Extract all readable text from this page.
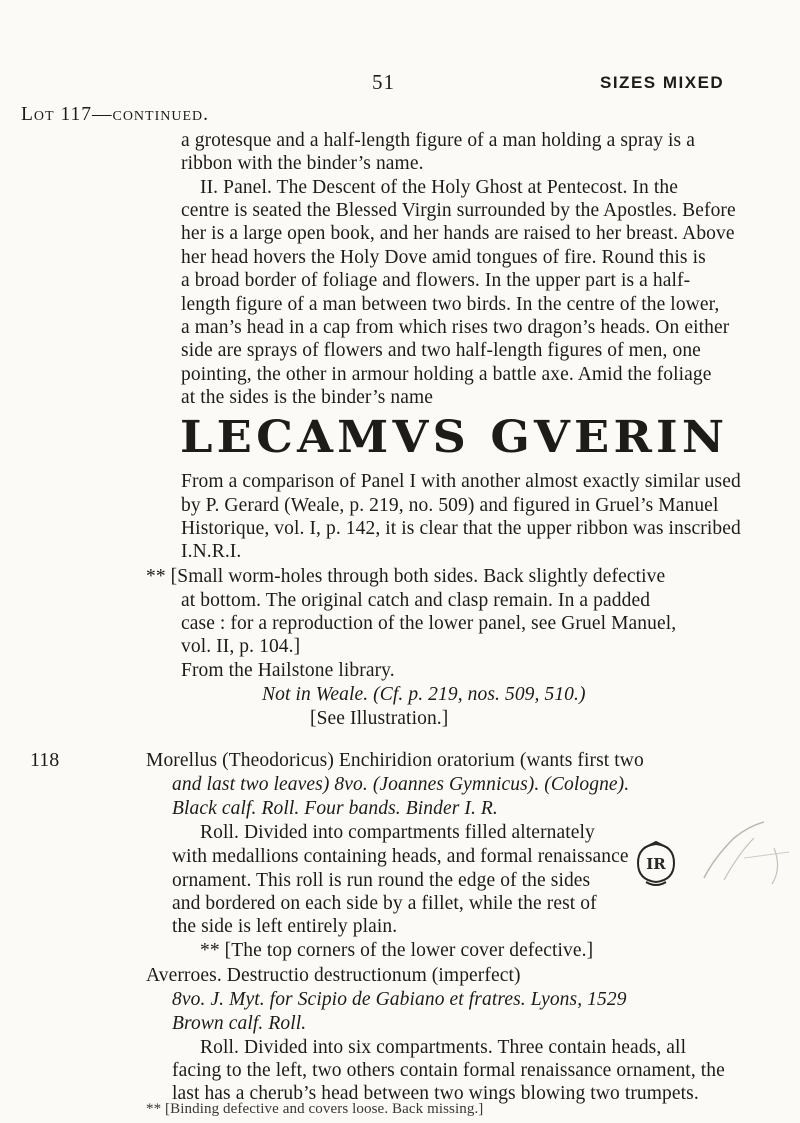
51	SIZES MIXED
Lot 117—continued.
a grotesque and a half-length figure of a man holding a spray is a
ribbon with the binder’s name.
II. Panel. The Descent of the Holy Ghost at Pentecost. In the
centre is seated the Blessed Virgin surrounded by the Apostles. Before
her is a large open book, and her hands are raised to her breast. Above
her head hovers the Holy Dove amid tongues of fire. Round this is
a broad border of foliage and flowers. In the upper part is a half-
length figure of a man between two birds. In the centre of the lower,
a man’s head in a cap from which rises two dragon’s heads. On either
side are sprays of flowers and two half-length figures of men, one
pointing, the other in armour holding a battle axe. Amid the foliage
at the sides is the binder’s name
LECAMVS GVERIN
From a comparison of Panel I with another almost exactly similar used
by P. Gerard (Weale, p. 219, no. 509) and figured in Gruel’s Manuel
Historique, vol. I, p. 142, it is clear that the upper ribbon was inscribed
I.N.R.I.
** [Small worm-holes through both sides. Back slightly defective
at bottom. The original catch and clasp remain. In a padded
case : for a reproduction of the lower panel, see Gruel Manuel,
vol. II, p. 104.]
From the Hailstone library.
Not in Weale. (Cf. p. 219, nos. 509, 510.)
[See Illustration.]
118	Morellus (Theodoricus) Enchiridion oratorium (wants first two
and last two leaves) 8vo. (Joannes Gymnicus). (Cologne).
Black calf. Roll. Four bands. Binder I. R.
Roll. Divided into compartments filled alternately
with medallions containing heads, and formal renaissance
ornament. This roll is run round the edge of the sides
and bordered on each side by a fillet, while the rest of
the side is left entirely plain.
IR
** [The top corners of the lower cover defective.]
Averroes. Destructio destructionum (imperfect)
8vo. J. Myt. for Scipio de Gabiano et fratres. Lyons, 1529
Brown calf. Roll.
Roll. Divided into six compartments. Three contain heads, all
facing to the left, two others contain formal renaissance ornament, the
last has a cherub’s head between two wings blowing two trumpets.
** [Binding defective and covers loose. Back missing.]
